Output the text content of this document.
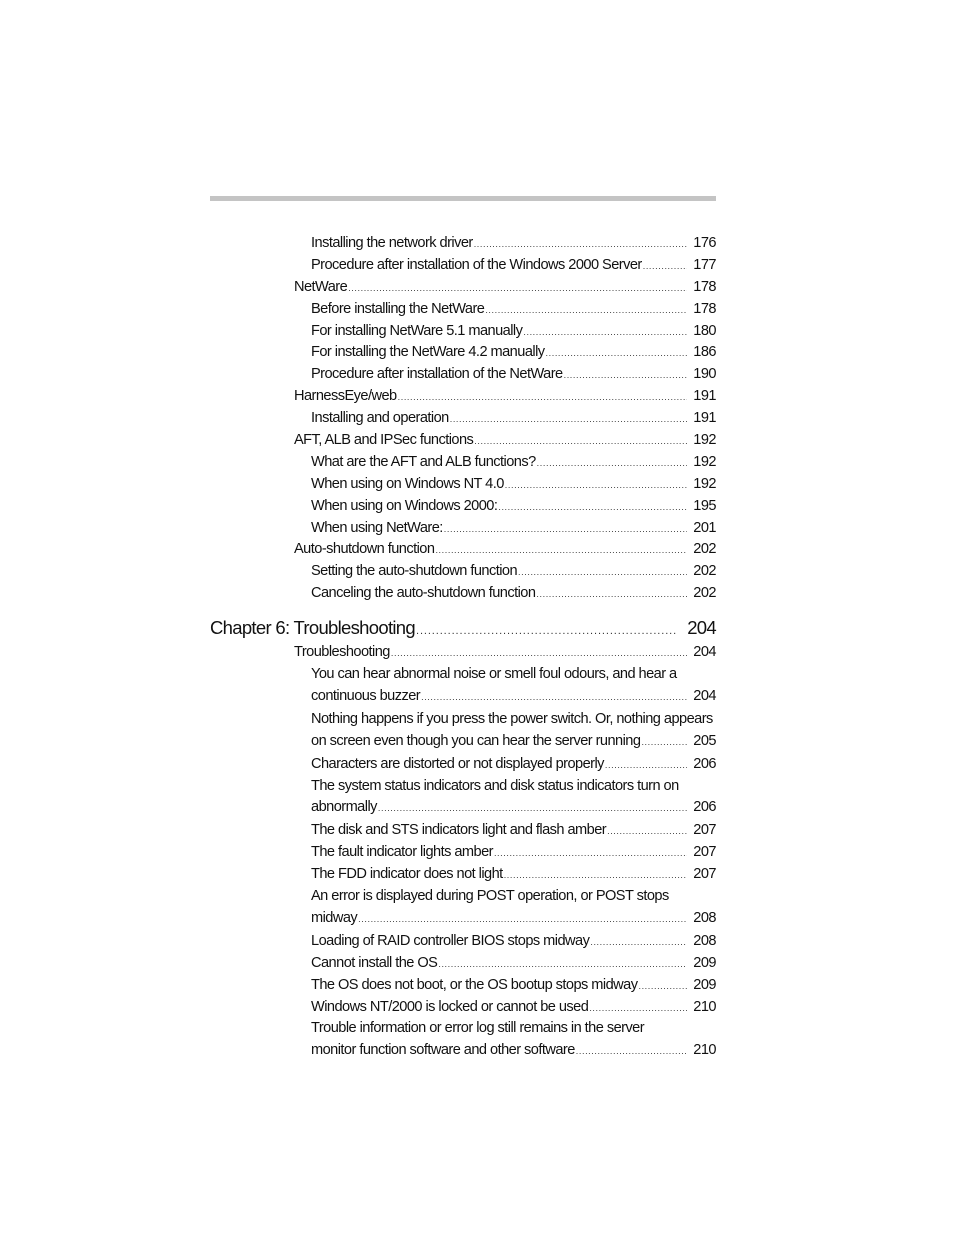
Installing the network driver .....	176
Procedure after installation of the Windows 2000 Server .....	177
NetWare .....	178
Before installing the NetWare .....	178
For installing NetWare 5.1 manually .....	180
For installing the NetWare 4.2 manually .....	186
Procedure after installation of the NetWare .....	190
HarnessEye/web .....	191
Installing and operation .....	191
AFT, ALB and IPSec functions .....	192
What are the AFT and ALB functions? .....	192
When using on Windows NT 4.0 .....	192
When using on Windows 2000: .....	195
When using NetWare: .....	201
Auto-shutdown function .....	202
Setting the auto-shutdown function .....	202
Canceling the auto-shutdown function .....	202
Chapter 6: Troubleshooting .....	204
Troubleshooting .....	204
You can hear abnormal noise or smell foul odours, and hear a
continuous buzzer .....	204
Nothing happens if you press the power switch. Or, nothing appears
on screen even though you can hear the server running .....	205
Characters are distorted or not displayed properly .....	206
The system status indicators and disk status indicators turn on
abnormally .....	206
The disk and STS indicators light and flash amber .....	207
The fault indicator lights amber .....	207
The FDD indicator does not light .....	207
An error is displayed during POST operation, or POST stops
midway .....	208
Loading of RAID controller BIOS stops midway .....	208
Cannot install the OS .....	209
The OS does not boot, or the OS bootup stops midway .....	209
Windows NT/2000 is locked or cannot be used .....	210
Trouble information or error log still remains in the server
monitor function software and other software .....	210
